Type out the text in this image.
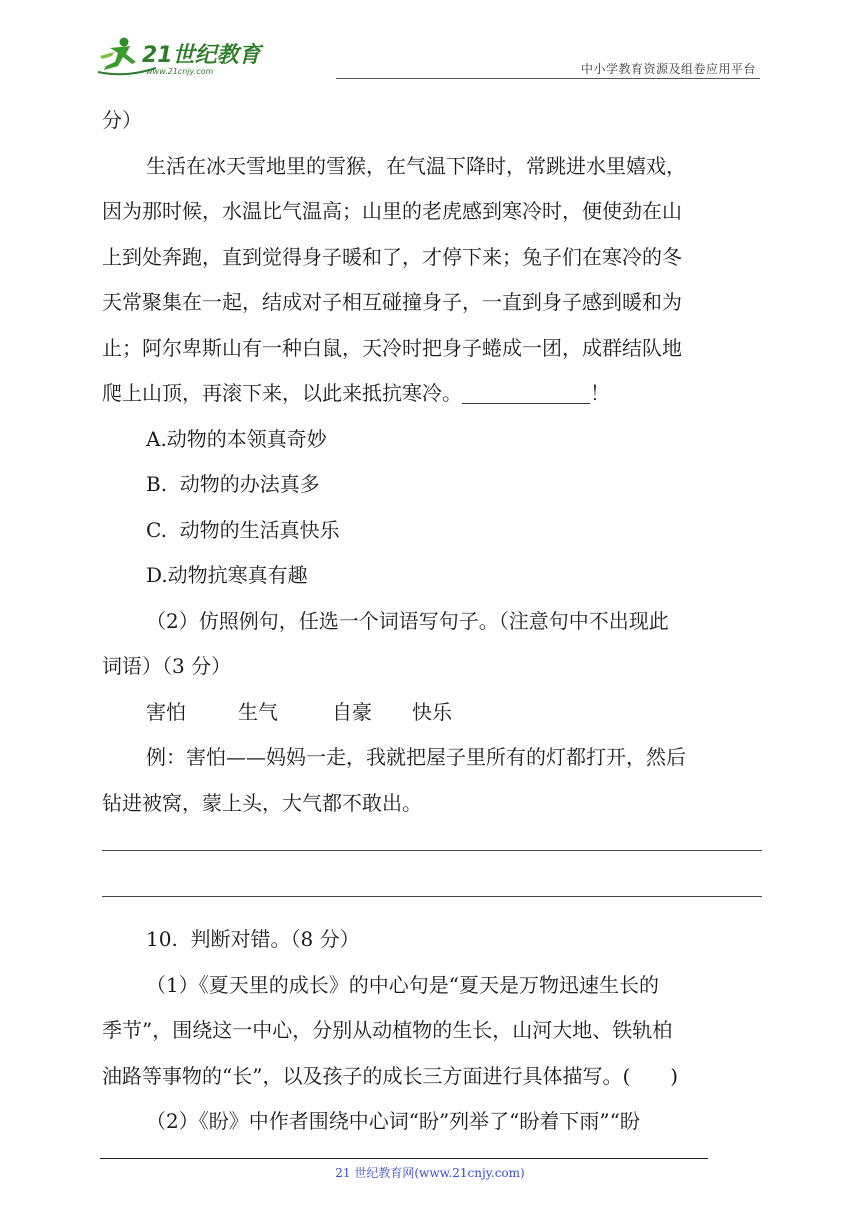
21世纪教育
www.21cnjy.com	中小学教育资源及组卷应用平台

分）

生活在冰天雪地里的雪猴，在气温下降时，常跳进水里嬉戏，

因为那时候，水温比气温高；山里的老虎感到寒冷时，便使劲在山

上到处奔跑，直到觉得身子暖和了，才停下来；兔子们在寒冷的冬

天常聚集在一起，结成对子相互碰撞身子，一直到身子感到暖和为

止；阿尔卑斯山有一种白鼠，天冷时把身子蜷成一团，成群结队地

爬上山顶，再滚下来，以此来抵抗寒冷。	！

A.动物的本领真奇妙

B.  动物的办法真多

C.  动物的生活真快乐

D.动物抗寒真有趣

（2）仿照例句，任选一个词语写句子。（注意句中不出现此

词语）（3 分）

害怕	生气	自豪 快乐

例：害怕——妈妈一走，我就把屋子里所有的灯都打开，然后

钻进被窝，蒙上头，大气都不敢出。

10.  判断对错。（8 分）

（1）《夏天里的成长》的中心句是“夏天是万物迅速生长的

季节”，围绕这一中心，分别从动植物的生长，山河大地、铁轨柏

油路等事物的“长”，以及孩子的成长三方面进行具体描写。( )

（2）《盼》中作者围绕中心词“盼”列举了“盼着下雨”“盼

21 世纪教育网(www.21cnjy.com)
